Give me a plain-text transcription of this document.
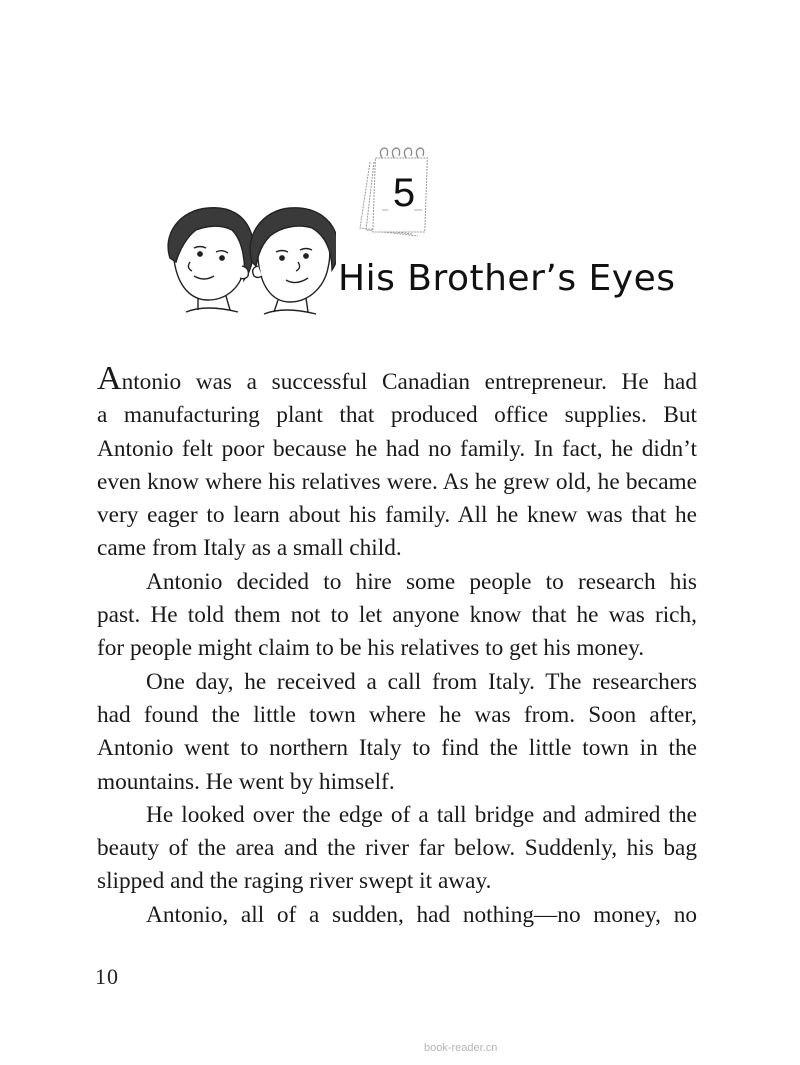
5
His Brother’s Eyes
Antonio was a successful Canadian entrepreneur. He had
a manufacturing plant that produced office supplies. But
Antonio felt poor because he had no family. In fact, he didn’t
even know where his relatives were. As he grew old, he became
very eager to learn about his family. All he knew was that he
came from Italy as a small child.
Antonio decided to hire some people to research his
past. He told them not to let anyone know that he was rich,
for people might claim to be his relatives to get his money.
One day, he received a call from Italy. The researchers
had found the little town where he was from. Soon after,
Antonio went to northern Italy to find the little town in the
mountains. He went by himself.
He looked over the edge of a tall bridge and admired the
beauty of the area and the river far below. Suddenly, his bag
slipped and the raging river swept it away.
Antonio, all of a sudden, had nothing—no money, no
10
book-reader.cn
